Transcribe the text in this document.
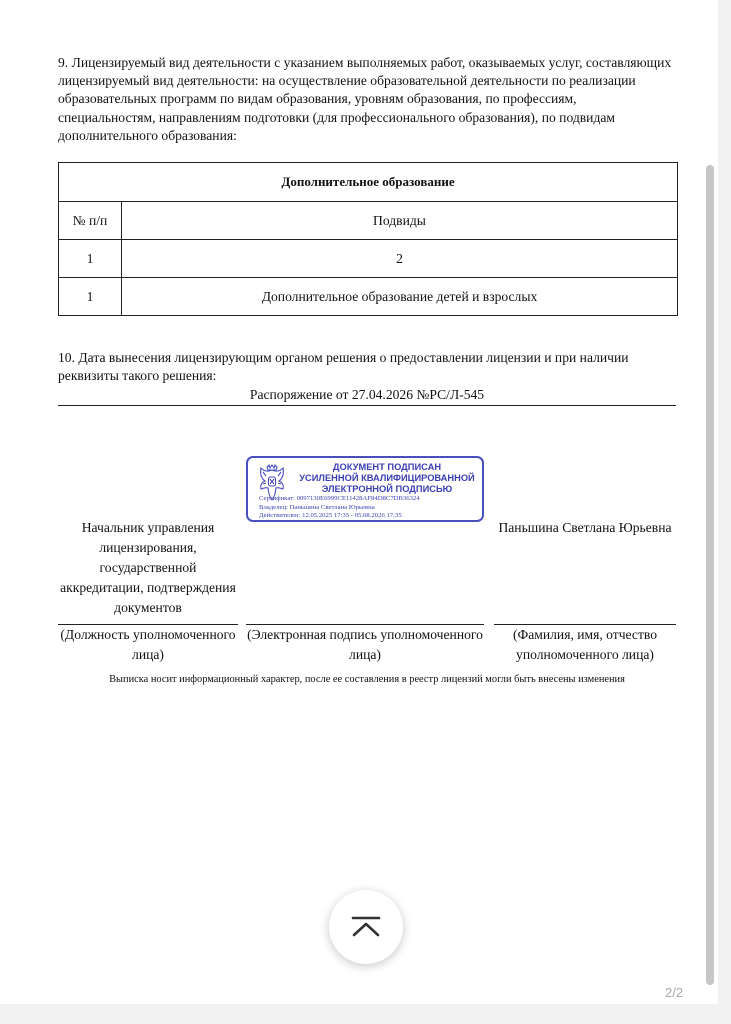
9. Лицензируемый вид деятельности с указанием выполняемых работ, оказываемых услуг, составляющих лицензируемый вид деятельности: на осуществление образовательной деятельности по реализации образовательных программ по видам образования, уровням образования, по профессиям, специальностям, направлениям подготовки (для профессионального образования), по подвидам дополнительного образования:

Дополнительное образование	
№ п/п	Подвиды
1	2
1	Дополнительное образование детей и взрослых

10. Дата вынесения лицензирующим органом решения о предоставлении лицензии и при наличии реквизиты такого решения:

Распоряжение от 27.04.2026 №РС/Л-545
ДОКУМЕНТ ПОДПИСАН
УСИЛЕННОЙ КВАЛИФИЦИРОВАННОЙ
ЭЛЕКТРОННОЙ ПОДПИСЬЮ
Сертификат: 0097130E6999CE11428AF84D8C7DB36324
Владелец: Паньшина Светлана Юрьевна
Действителен: 12.05.2025 17:35 - 05.08.2026 17:35
Начальник управления лицензирования, государственной аккредитации, подтверждения документов
Паньшина Светлана Юрьевна
(Должность уполномоченного лица)
(Электронная подпись уполномоченного лица)
(Фамилия, имя, отчество уполномоченного лица)
Выписка носит информационный характер, после ее составления в реестр лицензий могли быть внесены изменения
2/2
